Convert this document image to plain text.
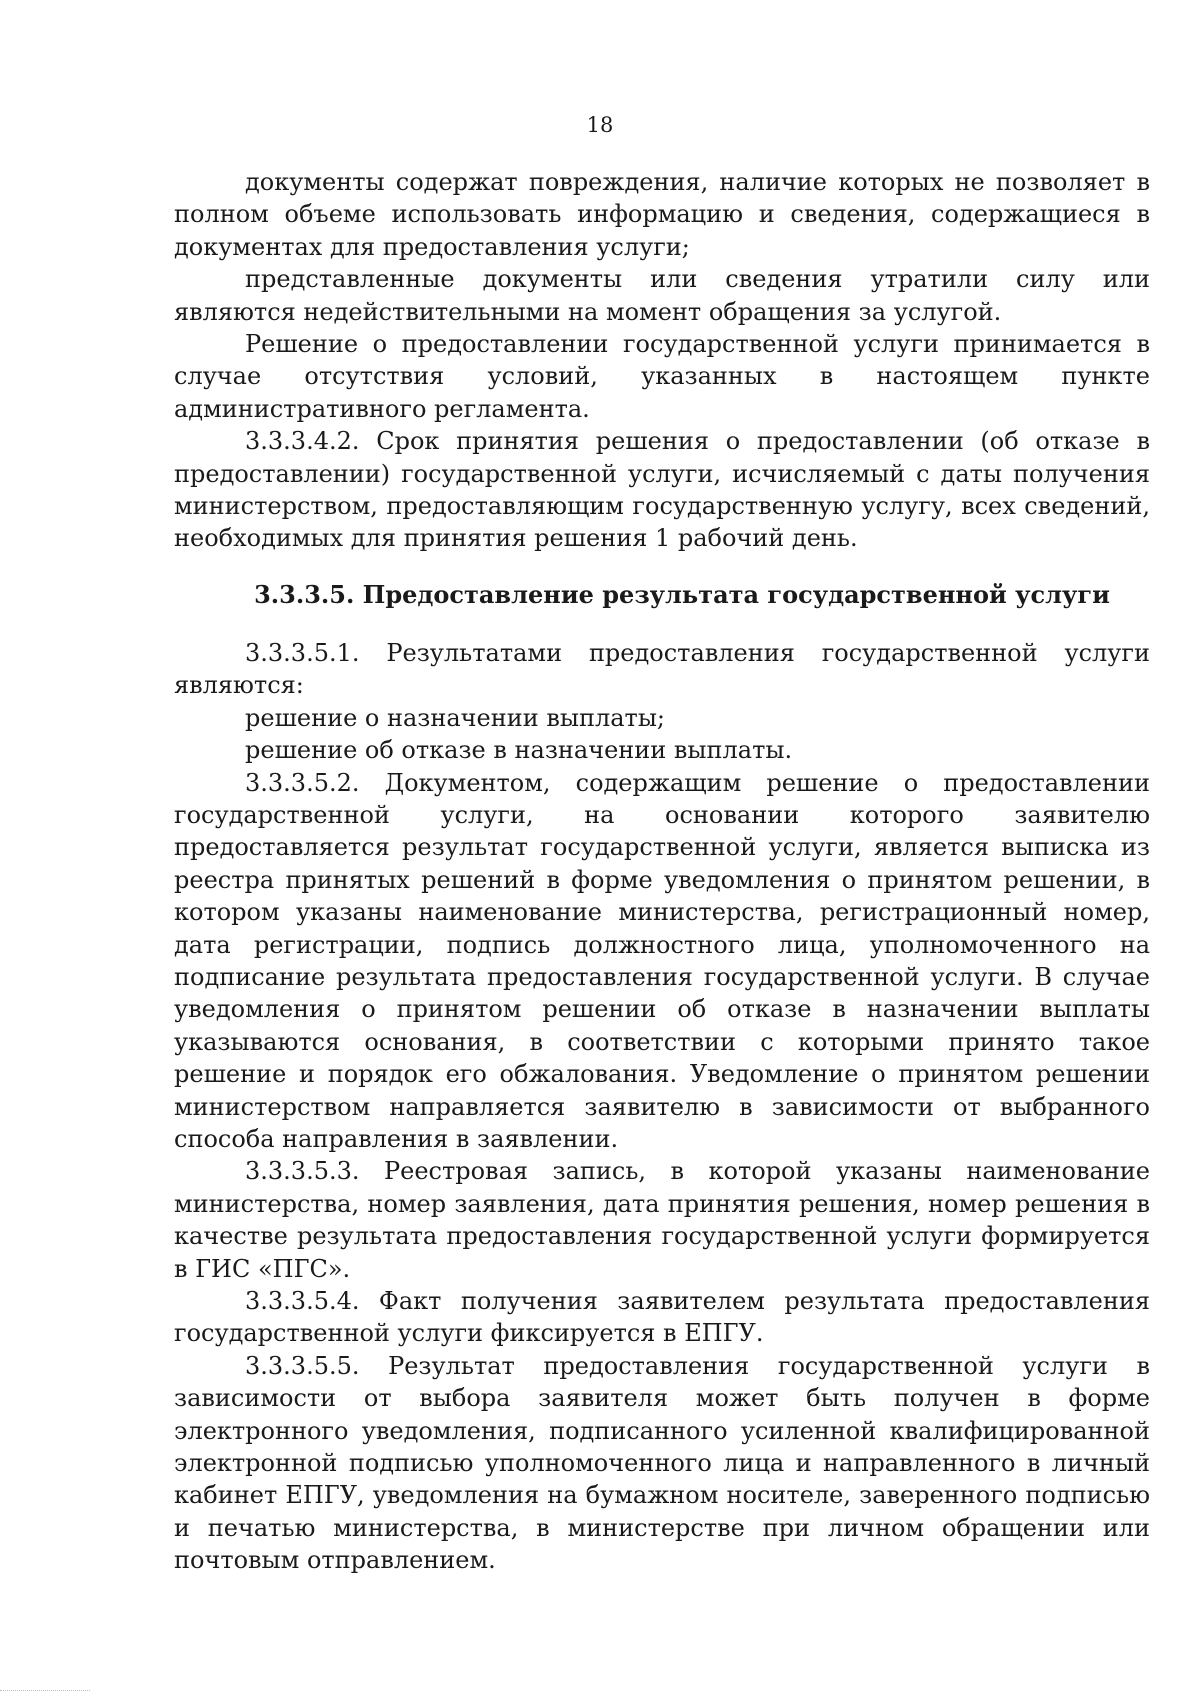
18

документы содержат повреждения, наличие которых не позволяет в полном объеме использовать информацию и сведения, содержащиеся в документах для предоставления услуги;

представленные документы или сведения утратили силу или являются недействительными на момент обращения за услугой.

Решение о предоставлении государственной услуги принимается в случае отсутствия условий, указанных в настоящем пункте административного регламента.

3.3.3.4.2. Срок принятия решения о предоставлении (об отказе в предоставлении) государственной услуги, исчисляемый с даты получения министерством, предоставляющим государственную услугу, всех сведений, необходимых для принятия решения 1 рабочий день.

3.3.3.5. Предоставление результата государственной услуги

3.3.3.5.1. Результатами предоставления государственной услуги являются:

решение о назначении выплаты;

решение об отказе в назначении выплаты.

3.3.3.5.2. Документом, содержащим решение о предоставлении государственной услуги, на основании которого заявителю предоставляется результат государственной услуги, является выписка из реестра принятых решений в форме уведомления о принятом решении, в котором указаны наименование министерства, регистрационный номер, дата регистрации, подпись должностного лица, уполномоченного на подписание результата предоставления государственной услуги. В случае уведомления о принятом решении об отказе в назначении выплаты указываются основания, в соответствии с которыми принято такое решение и порядок его обжалования. Уведомление о принятом решении министерством направляется заявителю в зависимости от выбранного способа направления в заявлении.

3.3.3.5.3. Реестровая запись, в которой указаны наименование министерства, номер заявления, дата принятия решения, номер решения в качестве результата предоставления государственной услуги формируется в ГИС «ПГС».

3.3.3.5.4. Факт получения заявителем результата предоставления государственной услуги фиксируется в ЕПГУ.

3.3.3.5.5. Результат предоставления государственной услуги в зависимости от выбора заявителя может быть получен в форме электронного уведомления, подписанного усиленной квалифицированной электронной подписью уполномоченного лица и направленного в личный кабинет ЕПГУ, уведомления на бумажном носителе, заверенного подписью и печатью министерства, в министерстве при личном обращении или почтовым отправлением.
